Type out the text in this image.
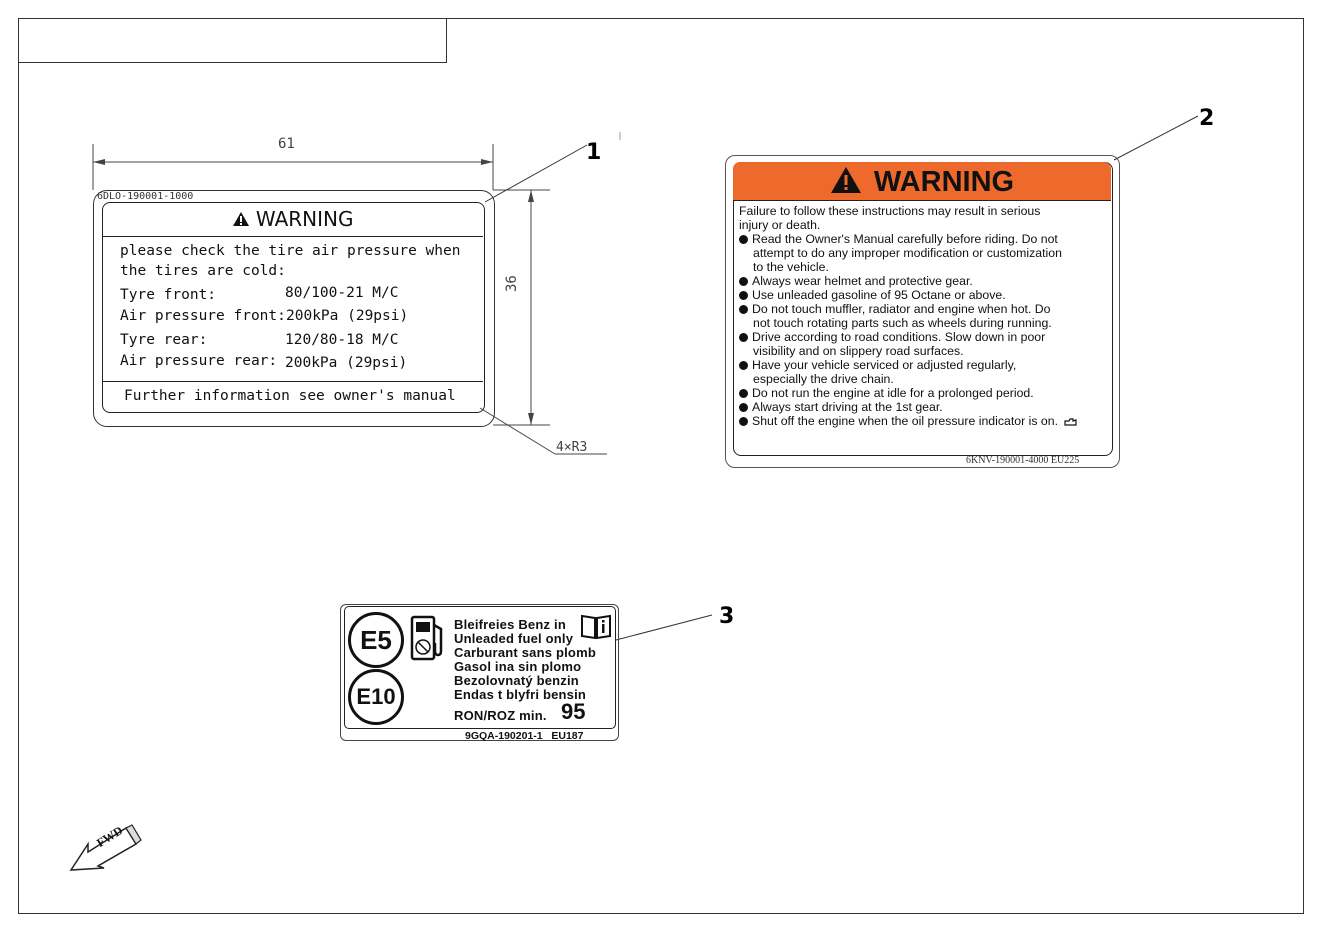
61
36
4×R3
1
6DLO-190001-1000
WARNING
please check the tire air pressure when
the tires are cold:
Tyre front:	80/100-21 M/C
Air pressure front: 200kPa (29psi)
Tyre rear:	120/80-18 M/C
Air pressure rear: 200kPa (29psi)
Further information see owner's manual
2
WARNING
Failure to follow these instructions may result in serious
injury or death.
Read the Owner's Manual carefully before riding. Do not
attempt to do any improper modification or customization
to the vehicle.
Always wear helmet and protective gear.
Use unleaded gasoline of 95 Octane or above.
Do not touch muffler, radiator and engine when hot. Do
not touch rotating parts such as wheels during running.
Drive according to road conditions. Slow down in poor
visibility and on slippery road surfaces.
Have your vehicle serviced or adjusted regularly,
especially the drive chain.
Do not run the engine at idle for a prolonged period.
Always start driving at the 1st gear.
Shut off the engine when the oil pressure indicator is on.
6KNV-190001-4000 EU225
3
E5
E10
Bleifreies Benz in
Unleaded fuel only
Carburant sans plomb
Gasol ina sin plomo
Bezolovnatý benzin
Endas t blyfri bensin
RON/ROZ min. 95
9GQA-190201-1   EU187
FWD
